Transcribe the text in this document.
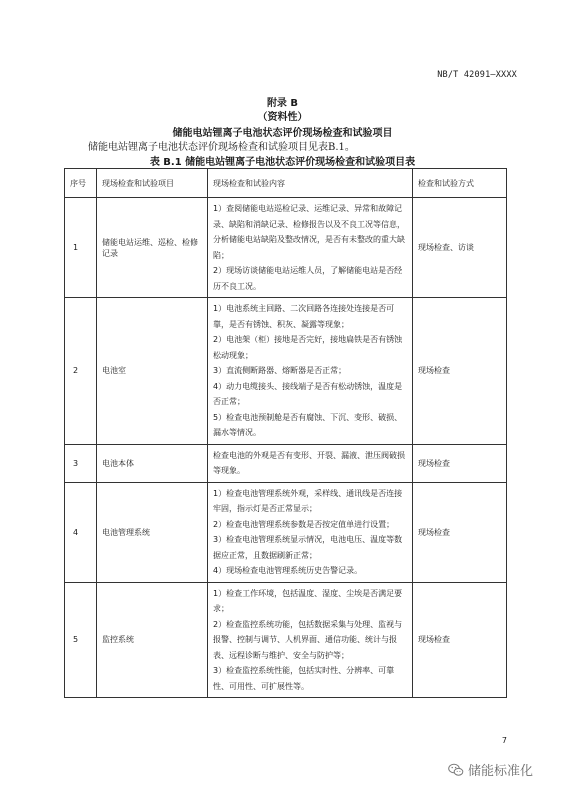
NB/T 42091—XXXX
附录 B
（资料性）
储能电站锂离子电池状态评价现场检查和试验项目
储能电站锂离子电池状态评价现场检查和试验项目见表B.1。
表 B.1 储能电站锂离子电池状态评价现场检查和试验项目表
序号	现场检查和试验项目	现场检查和试验内容	检查和试验方式
1	储能电站运维、巡检、检修记录	1）查阅储能电站巡检记录、运维记录、异常和故障记录、缺陷和消缺记录、检修报告以及不良工况等信息，分析储能电站缺陷及整改情况，是否有未整改的重大缺陷；
2）现场访谈储能电站运维人员，了解储能电站是否经历不良工况。	现场检查、访谈
2	电池室	1）电池系统主回路、二次回路各连接处连接是否可靠，是否有锈蚀、积灰、凝露等现象；
2）电池架（柜）接地是否完好，接地扁铁是否有锈蚀松动现象；
3）直流侧断路器、熔断器是否正常；
4）动力电缆接头、接线端子是否有松动锈蚀，温度是否正常；
5）检查电池预制舱是否有腐蚀、下沉、变形、破损、漏水等情况。	现场检查
3	电池本体	检查电池的外观是否有变形、开裂、漏液、泄压阀破损等现象。	现场检查
4	电池管理系统	1）检查电池管理系统外观，采样线、通讯线是否连接牢固，指示灯是否正常显示；
2）检查电池管理系统参数是否按定值单进行设置；
3）检查电池管理系统显示情况，电池电压、温度等数据应正常，且数据刷新正常；
4）现场检查电池管理系统历史告警记录。	现场检查
5	监控系统	1）检查工作环境，包括温度、湿度、尘埃是否满足要求；
2）检查监控系统功能，包括数据采集与处理、监视与报警、控制与调节、人机界面、通信功能、统计与报表、远程诊断与维护、安全与防护等；
3）检查监控系统性能，包括实时性、分辨率、可靠性、可用性、可扩展性等。	现场检查
7
储能标准化
